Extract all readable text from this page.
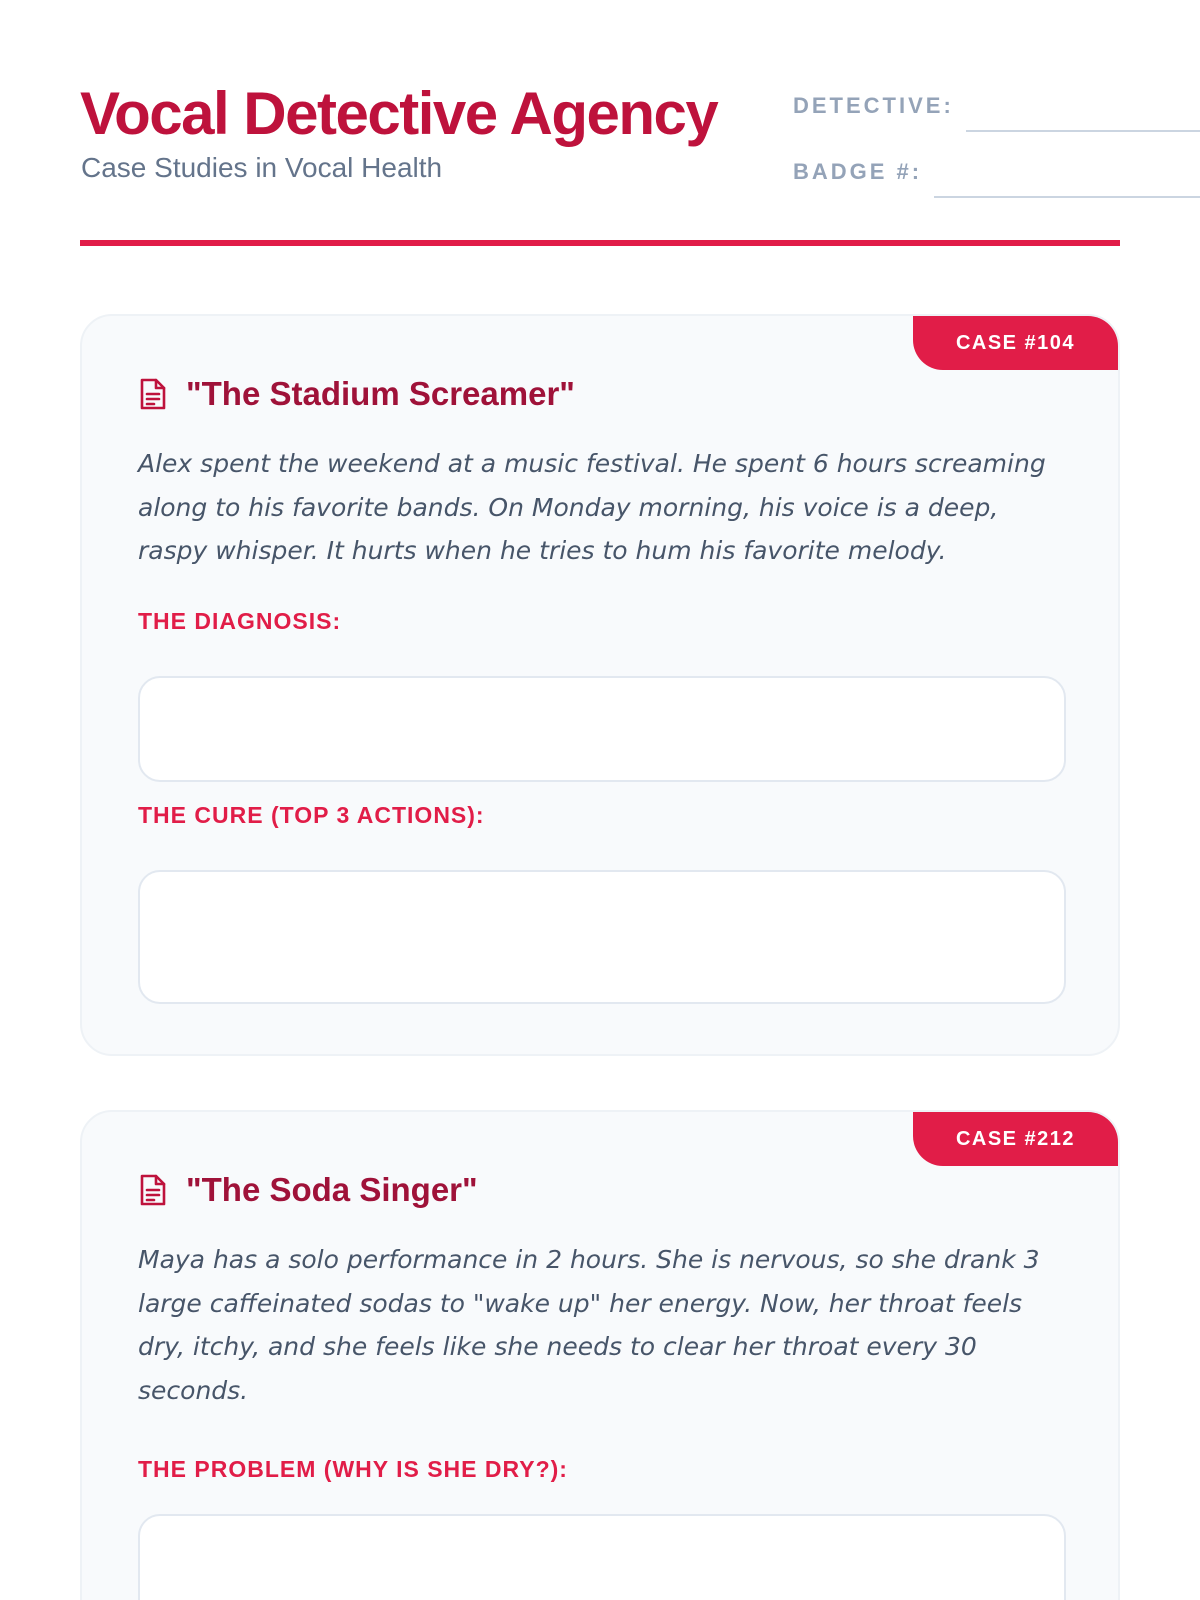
Vocal Detective Agency
Case Studies in Vocal Health
DETECTIVE:
BADGE #:
CASE #104
"The Stadium Screamer"

Alex spent the weekend at a music festival. He spent 6 hours screaming along to his favorite bands. On Monday morning, his voice is a deep, raspy whisper. It hurts when he tries to hum his favorite melody.

THE DIAGNOSIS:
THE CURE (TOP 3 ACTIONS):
CASE #212
"The Soda Singer"

Maya has a solo performance in 2 hours. She is nervous, so she drank 3 large caffeinated sodas to "wake up" her energy. Now, her throat feels dry, itchy, and she feels like she needs to clear her throat every 30 seconds.

THE PROBLEM (WHY IS SHE DRY?):
